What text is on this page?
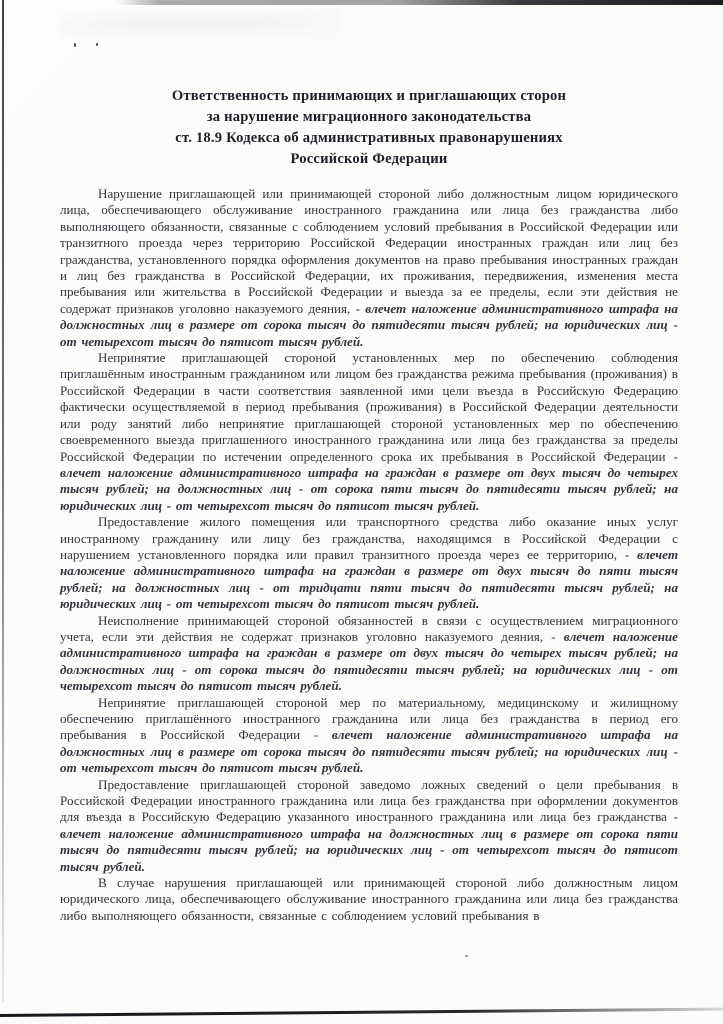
Ответственность принимающих и приглашающих сторон
за нарушение миграционного законодательства
ст. 18.9 Кодекса об административных правонарушениях
Российской Федерации

Нарушение приглашающей или принимающей стороной либо должностным лицом юридического лица, обеспечивающего обслуживание иностранного гражданина или лица без гражданства либо выполняющего обязанности, связанные с соблюдением условий пребывания в Российской Федерации или транзитного проезда через территорию Российской Федерации иностранных граждан или лиц без гражданства, установленного порядка оформления документов на право пребывания иностранных граждан и лиц без гражданства в Российской Федерации, их проживания, передвижения, изменения места пребывания или жительства в Российской Федерации и выезда за ее пределы, если эти действия не содержат признаков уголовно наказуемого деяния, - влечет наложение административного штрафа на должностных лиц в размере от сорока тысяч до пятидесяти тысяч рублей; на юридических лиц - от четырехсот тысяч до пятисот тысяч рублей.

Непринятие приглашающей стороной установленных мер по обеспечению соблюдения приглашённым иностранным гражданином или лицом без гражданства режима пребывания (проживания) в Российской Федерации в части соответствия заявленной ими цели въезда в Российскую Федерацию фактически осуществляемой в период пребывания (проживания) в Российской Федерации деятельности или роду занятий либо непринятие приглашающей стороной установленных мер по обеспечению своевременного выезда приглашенного иностранного гражданина или лица без гражданства за пределы Российской Федерации по истечении определенного срока их пребывания в Российской Федерации - влечет наложение административного штрафа на граждан в размере от двух тысяч до четырех тысяч рублей; на должностных лиц - от сорока пяти тысяч до пятидесяти тысяч рублей; на юридических лиц - от четырехсот тысяч до пятисот тысяч рублей.

Предоставление жилого помещения или транспортного средства либо оказание иных услуг иностранному гражданину или лицу без гражданства, находящимся в Российской Федерации с нарушением установленного порядка или правил транзитного проезда через ее территорию, - влечет наложение административного штрафа на граждан в размере от двух тысяч до пяти тысяч рублей; на должностных лиц - от тридцати пяти тысяч до пятидесяти тысяч рублей; на юридических лиц - от четырехсот тысяч до пятисот тысяч рублей.

Неисполнение принимающей стороной обязанностей в связи с осуществлением миграционного учета, если эти действия не содержат признаков уголовно наказуемого деяния, - влечет наложение административного штрафа на граждан в размере от двух тысяч до четырех тысяч рублей; на должностных лиц - от сорока тысяч до пятидесяти тысяч рублей; на юридических лиц - от четырехсот тысяч до пятисот тысяч рублей.

Непринятие приглашающей стороной мер по материальному, медицинскому и жилищному обеспечению приглашённого иностранного гражданина или лица без гражданства в период его пребывания в Российской Федерации - влечет наложение административного штрафа на должностных лиц в размере от сорока тысяч до пятидесяти тысяч рублей; на юридических лиц - от четырехсот тысяч до пятисот тысяч рублей.

Предоставление приглашающей стороной заведомо ложных сведений о цели пребывания в Российской Федерации иностранного гражданина или лица без гражданства при оформлении документов для въезда в Российскую Федерацию указанного иностранного гражданина или лица без гражданства - влечет наложение административного штрафа на должностных лиц в размере от сорока пяти тысяч до пятидесяти тысяч рублей; на юридических лиц - от четырехсот тысяч до пятисот тысяч рублей.

В случае нарушения приглашающей или принимающей стороной либо должностным лицом юридического лица, обеспечивающего обслуживание иностранного гражданина или лица без гражданства либо выполняющего обязанности, связанные с соблюдением условий пребывания в
